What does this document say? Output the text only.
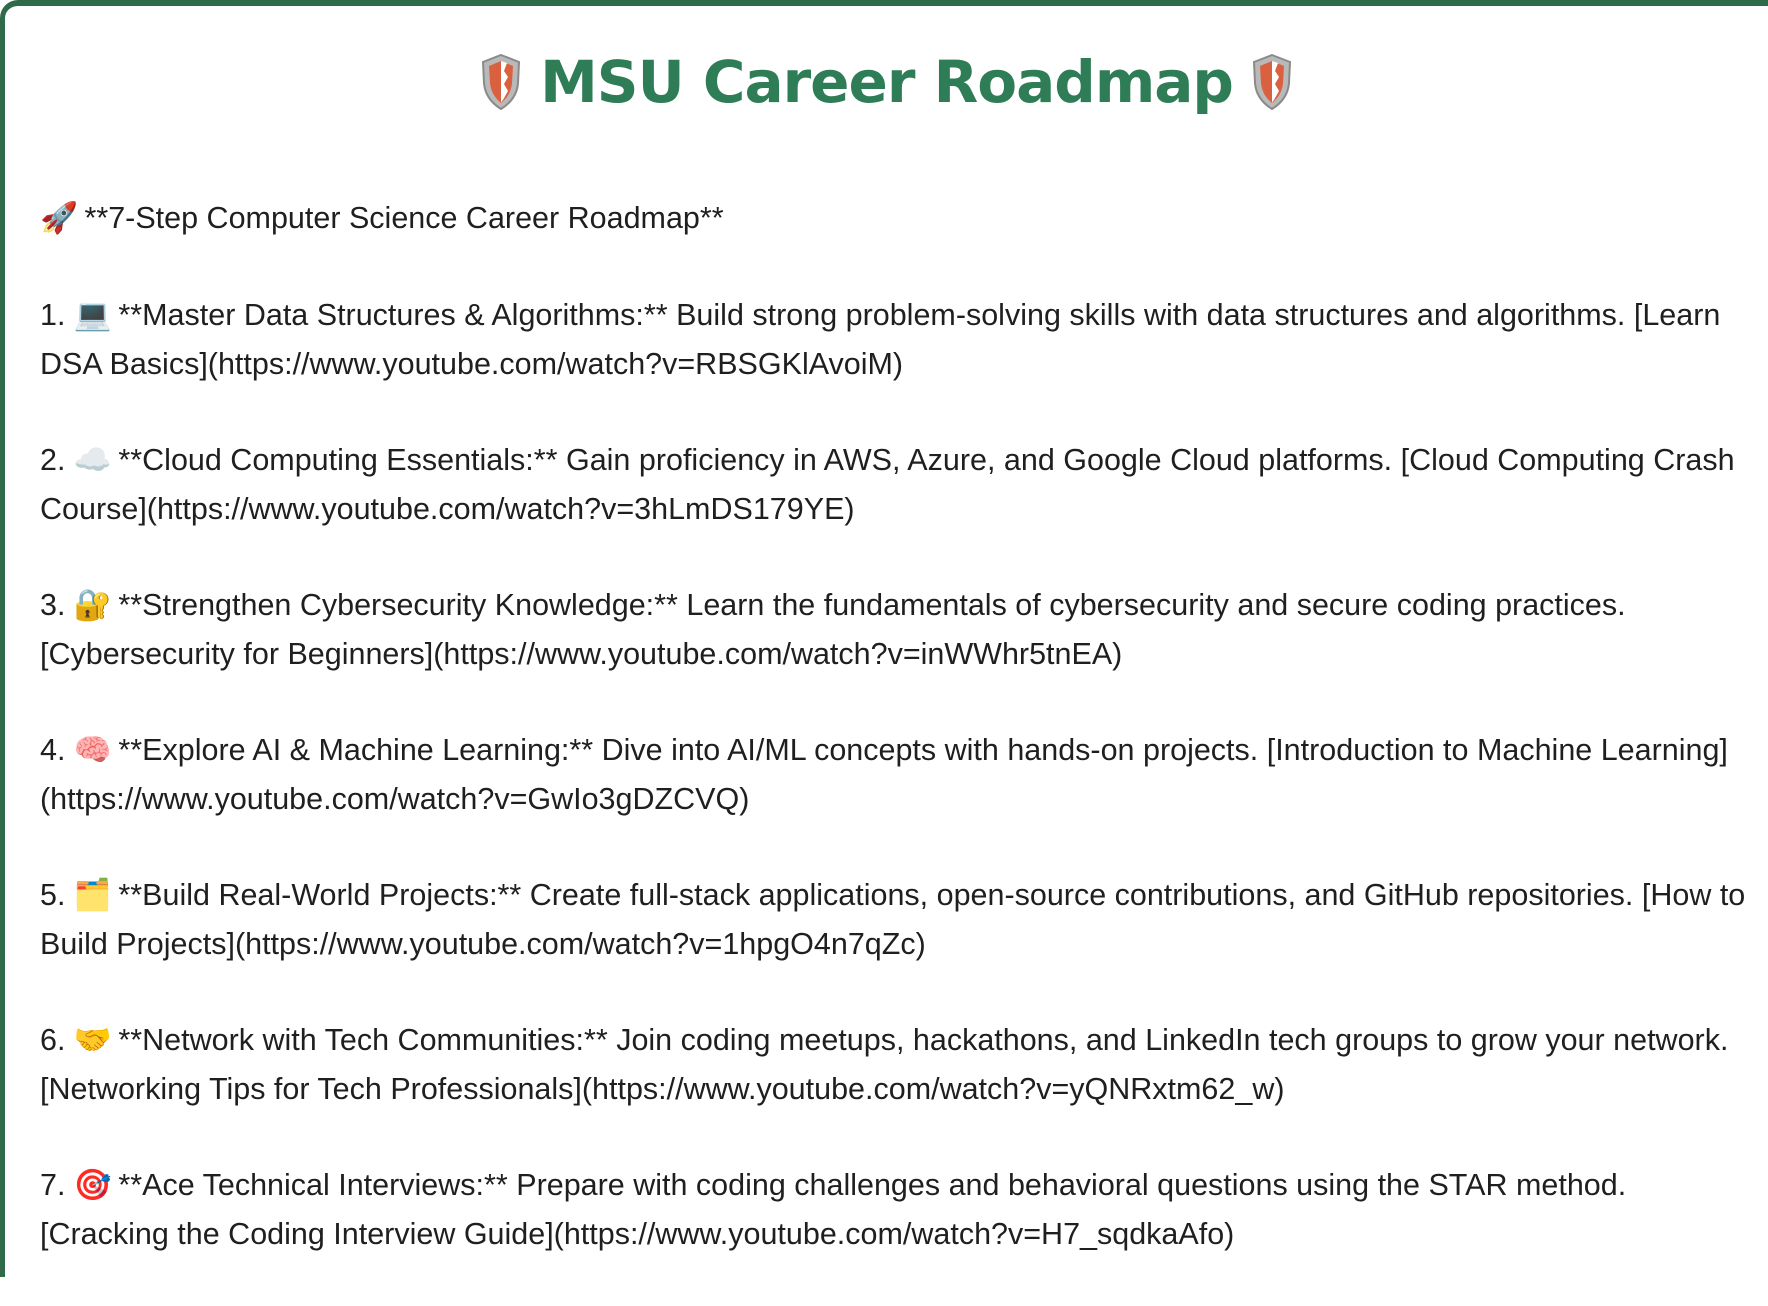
MSU Career Roadmap
🚀 **7-Step Computer Science Career Roadmap**
1. 💻 **Master Data Structures & Algorithms:** Build strong problem-solving skills with data structures and algorithms. [Learn DSA Basics](https://www.youtube.com/watch?v=RBSGKlAvoiM)
2. ☁️ **Cloud Computing Essentials:** Gain proficiency in AWS, Azure, and Google Cloud platforms. [Cloud Computing Crash Course](https://www.youtube.com/watch?v=3hLmDS179YE)
3. 🔐 **Strengthen Cybersecurity Knowledge:** Learn the fundamentals of cybersecurity and secure coding practices. [Cybersecurity for Beginners](https://www.youtube.com/watch?v=inWWhr5tnEA)
4. 🧠 **Explore AI & Machine Learning:** Dive into AI/ML concepts with hands-on projects. [Introduction to Machine Learning](https://www.youtube.com/watch?v=GwIo3gDZCVQ)
5. 🗂️ **Build Real-World Projects:** Create full-stack applications, open-source contributions, and GitHub repositories. [How to Build Projects](https://www.youtube.com/watch?v=1hpgO4n7qZc)
6. 🤝 **Network with Tech Communities:** Join coding meetups, hackathons, and LinkedIn tech groups to grow your network. [Networking Tips for Tech Professionals](https://www.youtube.com/watch?v=yQNRxtm62_w)
7. 🎯 **Ace Technical Interviews:** Prepare with coding challenges and behavioral questions using the STAR method. [Cracking the Coding Interview Guide](https://www.youtube.com/watch?v=H7_sqdkaAfo)
